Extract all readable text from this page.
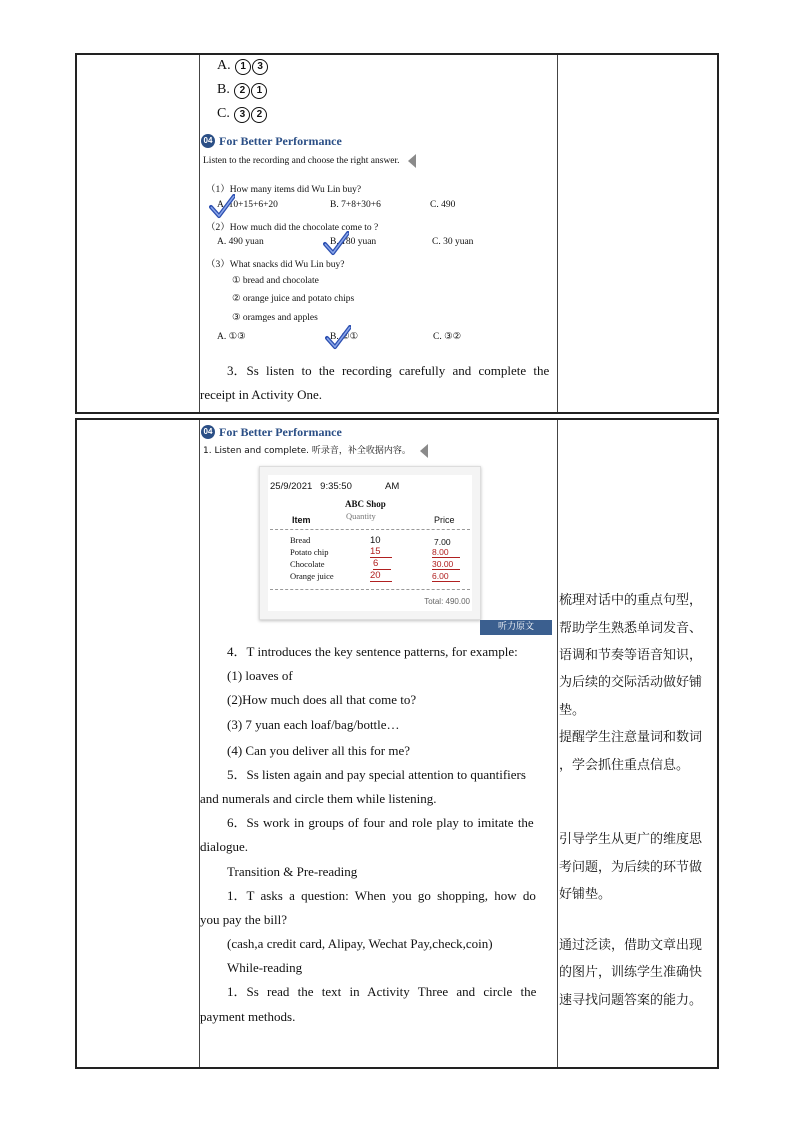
A. 1 3
B. 2 1
C. 3 2
04 For Better Performance
Listen to the recording and choose the right answer.
（1）How many items did Wu Lin buy?
A. 10+15+6+20	B. 7+8+30+6	C. 490
（2）How much did the chocolate come to ?
A. 490 yuan	B. 180 yuan	C. 30 yuan
（3）What snacks did Wu Lin buy?
① bread and chocolate
② orange juice and potato chips
③ oramges and apples
A. ①③	B. ②①	C. ③②
3．Ss listen to the recording carefully and complete the
receipt in Activity One.
04 For Better Performance
1. Listen and complete. 听录音，补全收据内容。
25/9/2021   9:35:50	AM
ABC Shop
Item	Quantity	Price
Bread	10	7.00
Potato chip	15	8.00
Chocolate	6	30.00
Orange juice	20	6.00
Total: 490.00
听力原文
4．T introduces the key sentence patterns, for example:
(1) loaves of
(2)How much does all that come to?
(3) 7 yuan each loaf/bag/bottle…
(4) Can you deliver all this for me?
5．Ss listen again and pay special attention to quantifiers
and numerals and circle them while listening.
6．Ss work in groups of four and role play to imitate the
dialogue.
Transition & Pre-reading
1．T asks a question: When you go shopping, how do
you pay the bill?
(cash,a credit card, Alipay, Wechat Pay,check,coin)
While-reading
1．Ss read the text in Activity Three and circle the
payment methods.
梳理对话中的重点句型，
帮助学生熟悉单词发音、
语调和节奏等语音知识，
为后续的交际活动做好铺
垫。
提醒学生注意量词和数词
，学会抓住重点信息。
引导学生从更广的维度思
考问题，为后续的环节做
好铺垫。
通过泛读，借助文章出现
的图片，训练学生准确快
速寻找问题答案的能力。
